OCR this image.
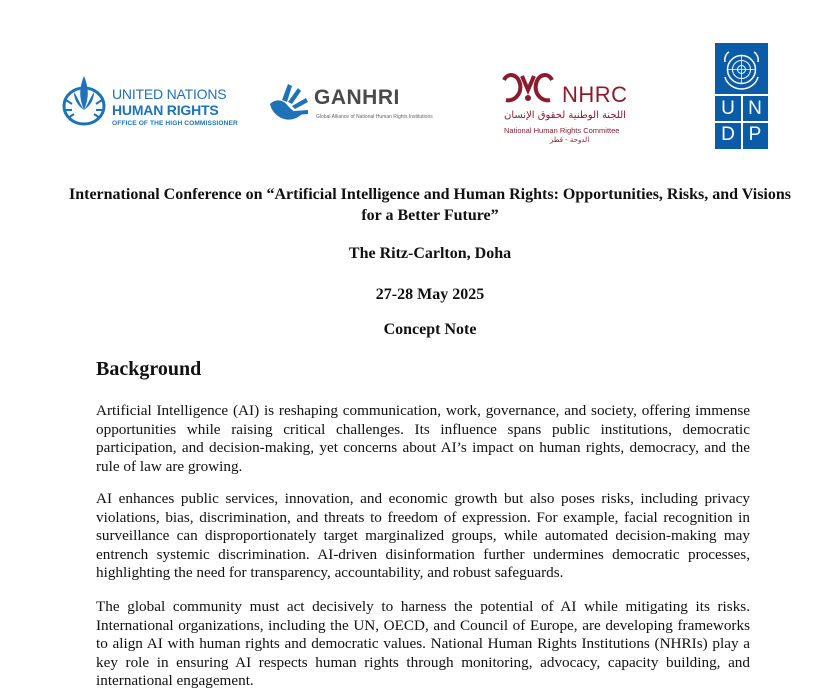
UNITED NATIONS
HUMAN RIGHTS
OFFICE OF THE HIGH COMMISSIONER
GANHRI
Global Alliance of National Human Rights Institutions
NHRC
اللجنة الوطنية لحقوق الإنسان
National Human Rights Committee
الدوحة - قطر
U N
D P
International Conference on “Artificial Intelligence and Human Rights: Opportunities, Risks, and Visions for a Better Future”
The Ritz-Carlton, Doha
27-28 May 2025
Concept Note
Background

Artificial Intelligence (AI) is reshaping communication, work, governance, and society, offering immense opportunities while raising critical challenges. Its influence spans public institutions, democratic participation, and decision-making, yet concerns about AI’s impact on human rights, democracy, and the rule of law are growing.

AI enhances public services, innovation, and economic growth but also poses risks, including privacy violations, bias, discrimination, and threats to freedom of expression. For example, facial recognition in surveillance can disproportionately target marginalized groups, while automated decision-making may entrench systemic discrimination. AI-driven disinformation further undermines democratic processes, highlighting the need for transparency, accountability, and robust safeguards.

The global community must act decisively to harness the potential of AI while mitigating its risks. International organizations, including the UN, OECD, and Council of Europe, are developing frameworks to align AI with human rights and democratic values. National Human Rights Institutions (NHRIs) play a key role in ensuring AI respects human rights through monitoring, advocacy, capacity building, and international engagement.
